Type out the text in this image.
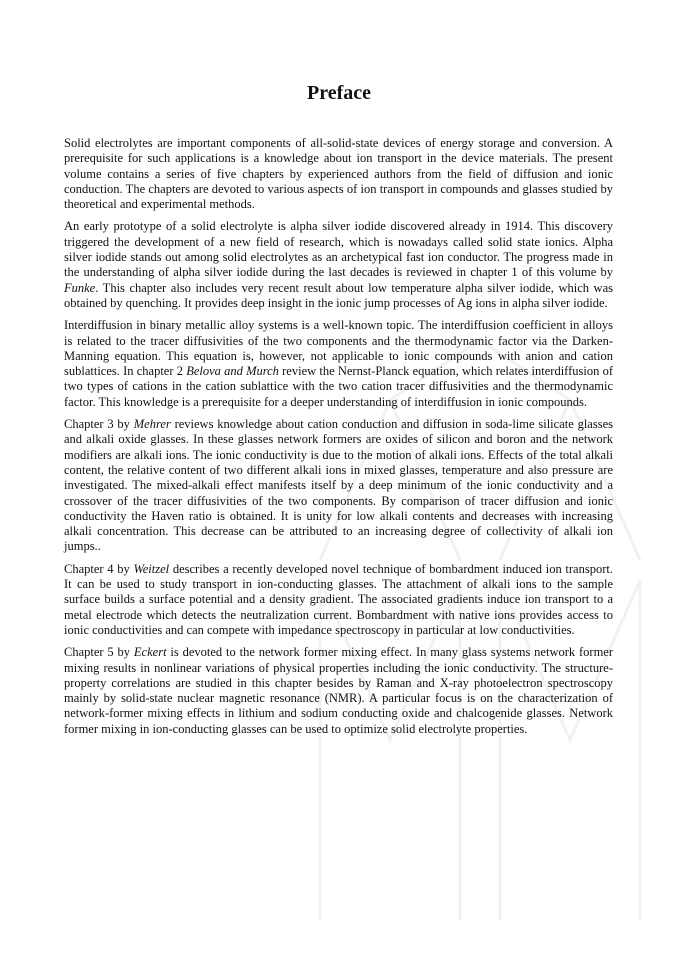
Preface

Solid electrolytes are important components of all-solid-state devices of energy storage and conversion. A prerequisite for such applications is a knowledge about ion transport in the device materials. The present volume contains a series of five chapters by experienced authors from the field of diffusion and ionic conduction. The chapters are devoted to various aspects of ion transport in compounds and glasses studied by theoretical and experimental methods.

An early prototype of a solid electrolyte is alpha silver iodide discovered already in 1914. This discovery triggered the development of a new field of research, which is nowadays called solid state ionics. Alpha silver iodide stands out among solid electrolytes as an archetypical fast ion conductor. The progress made in the understanding of alpha silver iodide during the last decades is reviewed in chapter 1 of this volume by Funke. This chapter also includes very recent result about low temperature alpha silver iodide, which was obtained by quenching. It provides deep insight in the ionic jump processes of Ag ions in alpha silver iodide.

Interdiffusion in binary metallic alloy systems is a well-known topic. The interdiffusion coefficient in alloys is related to the tracer diffusivities of the two components and the thermodynamic factor via the Darken-Manning equation. This equation is, however, not applicable to ionic compounds with anion and cation sublattices. In chapter 2 Belova and Murch review the Nernst-Planck equation, which relates interdiffusion of two types of cations in the cation sublattice with the two cation tracer diffusivities and the thermodynamic factor. This knowledge is a prerequisite for a deeper understanding of interdiffusion in ionic compounds.

Chapter 3 by Mehrer reviews knowledge about cation conduction and diffusion in soda-lime silicate glasses and alkali oxide glasses. In these glasses network formers are oxides of silicon and boron and the network modifiers are alkali ions. The ionic conductivity is due to the motion of alkali ions. Effects of the total alkali content, the relative content of two different alkali ions in mixed glasses, temperature and also pressure are investigated. The mixed-alkali effect manifests itself by a deep minimum of the ionic conductivity and a crossover of the tracer diffusivities of the two components. By comparison of tracer diffusion and ionic conductivity the Haven ratio is obtained. It is unity for low alkali contents and decreases with increasing alkali concentration. This decrease can be attributed to an increasing degree of collectivity of alkali ion jumps..

Chapter 4 by Weitzel describes a recently developed novel technique of bombardment induced ion transport. It can be used to study transport in ion-conducting glasses. The attachment of alkali ions to the sample surface builds a surface potential and a density gradient. The associated gradients induce ion transport to a metal electrode which detects the neutralization current. Bombardment with native ions provides access to ionic conductivities and can compete with impedance spectroscopy in particular at low conductivities.

Chapter 5 by Eckert is devoted to the network former mixing effect. In many glass systems network former mixing results in nonlinear variations of physical properties including the ionic conductivity. The structure-property correlations are studied in this chapter besides by Raman and X-ray photoelectron spectroscopy mainly by solid-state nuclear magnetic resonance (NMR). A particular focus is on the characterization of network-former mixing effects in lithium and sodium conducting oxide and chalcogenide glasses. Network former mixing in ion-conducting glasses can be used to optimize solid electrolyte properties.
